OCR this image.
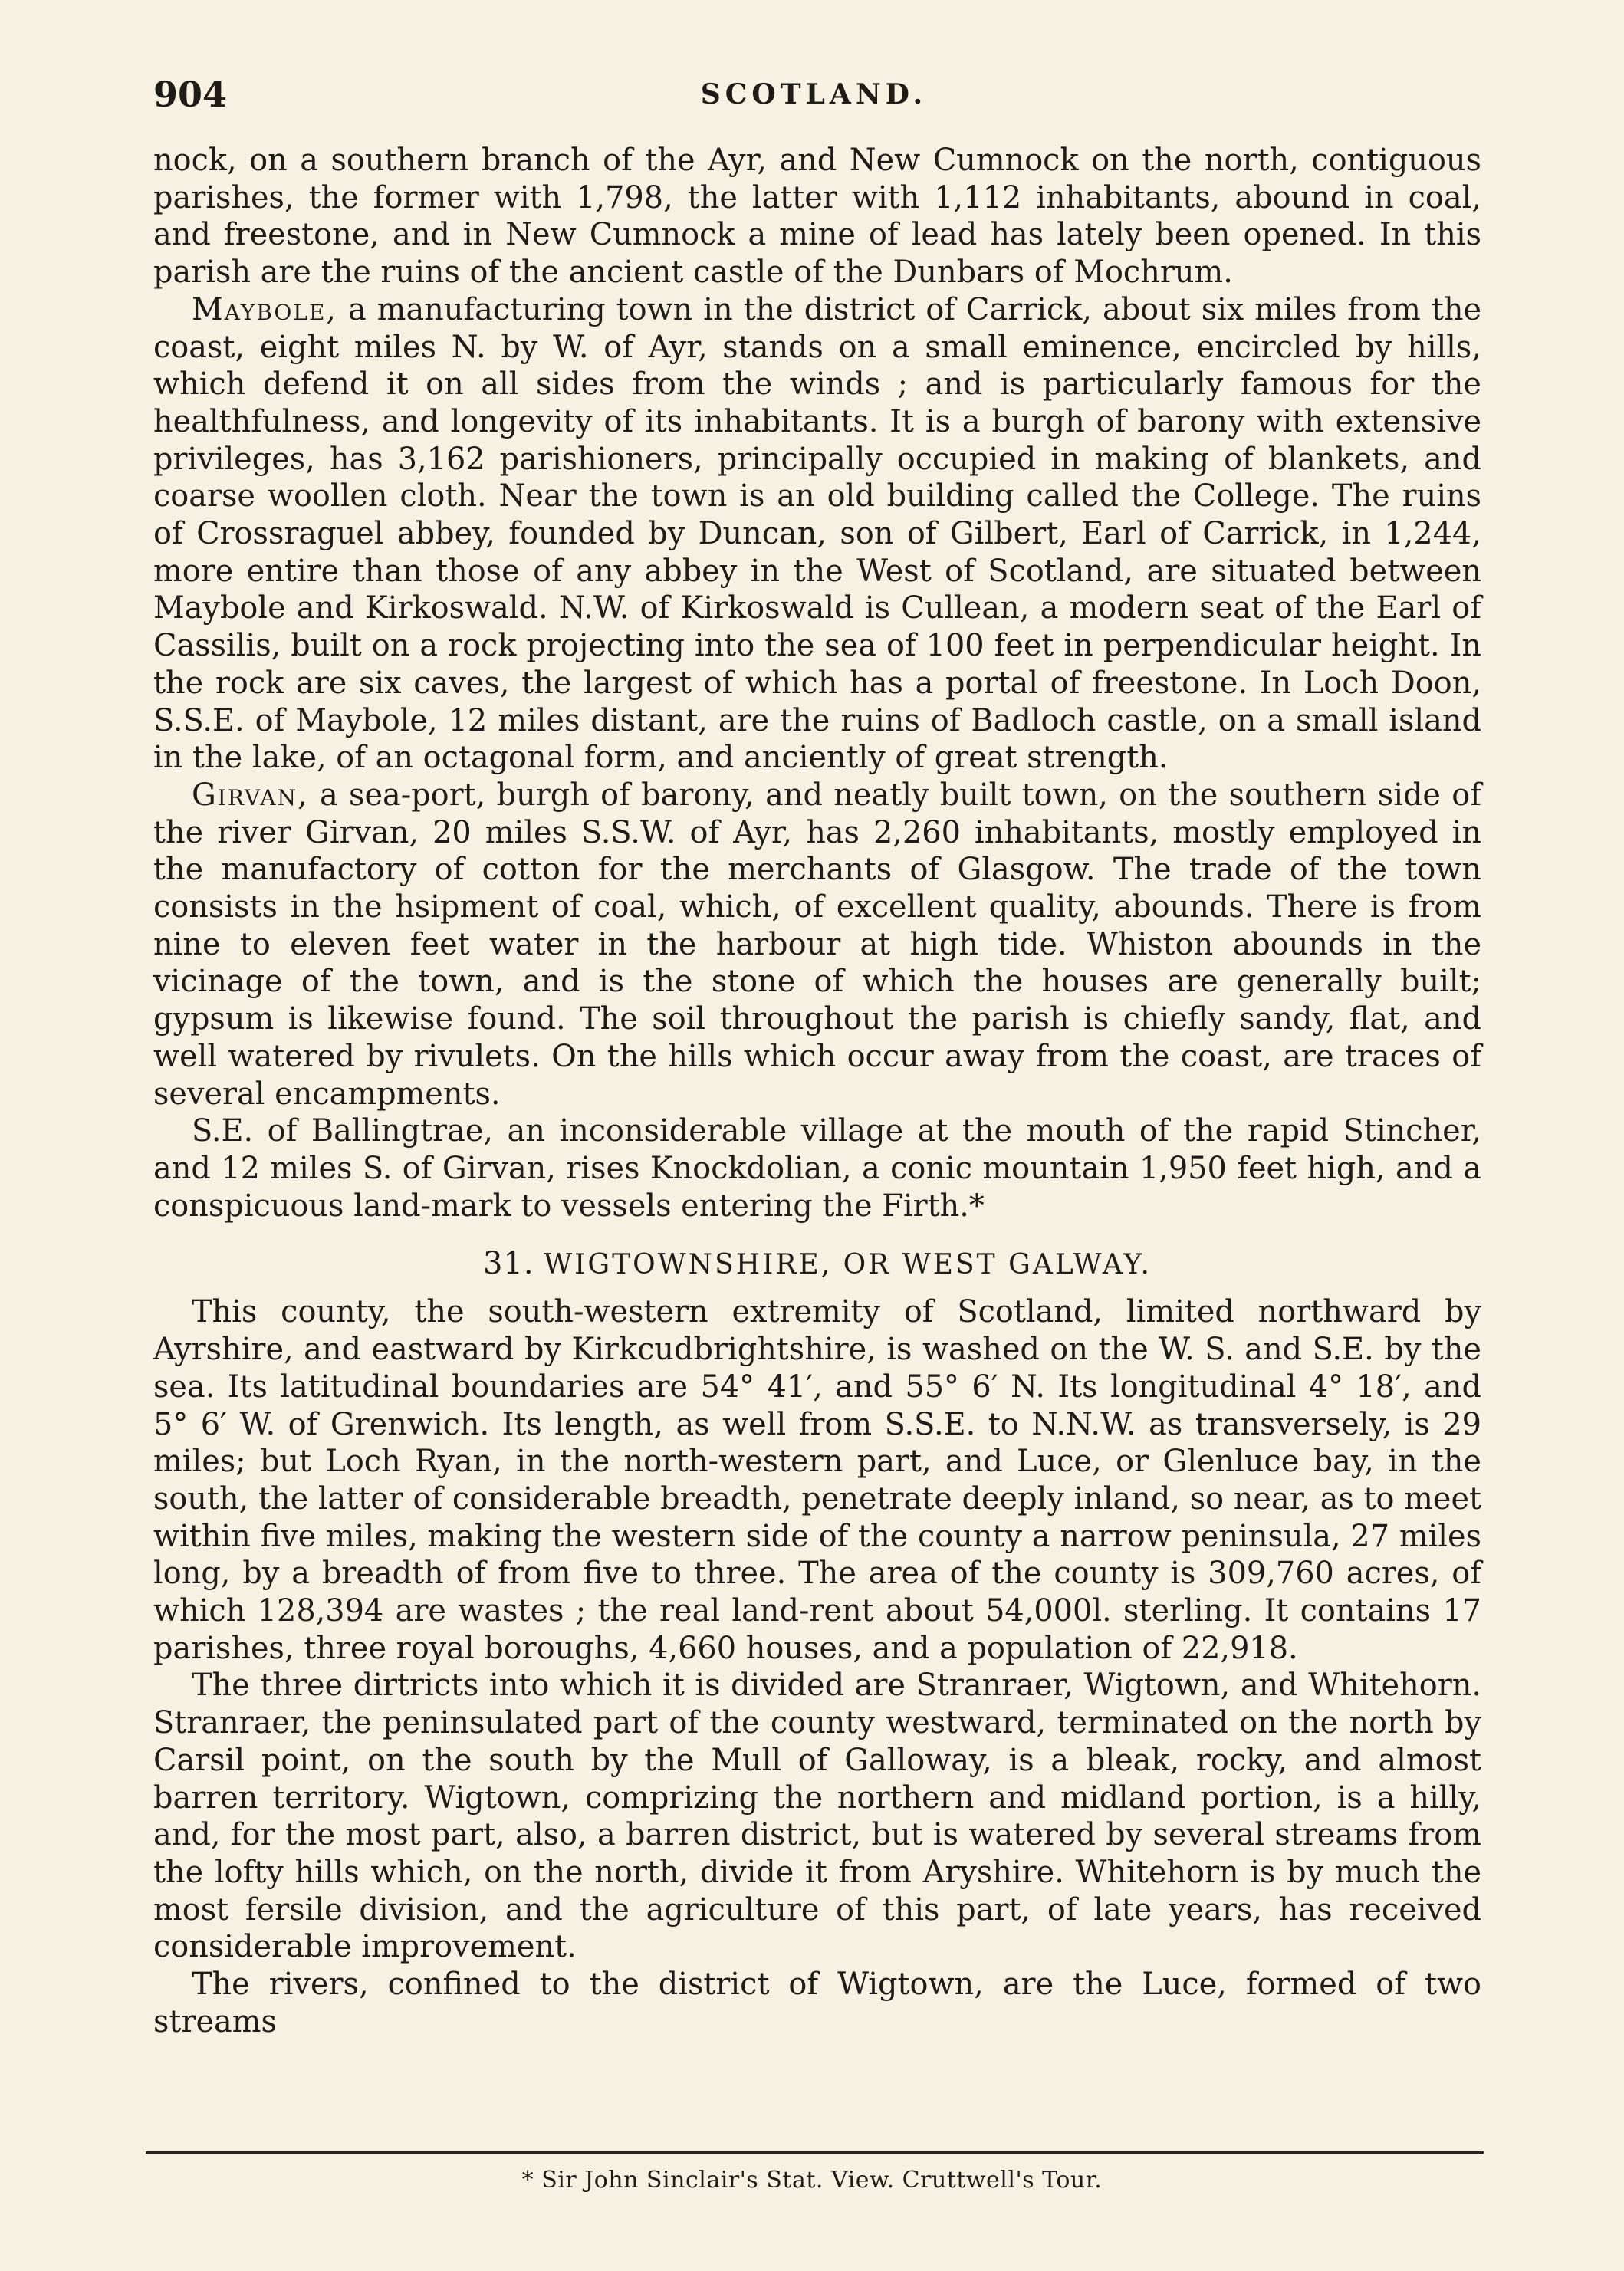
904	SCOTLAND.

nock, on a southern branch of the Ayr, and New Cumnock on the north, contiguous parishes, the former with 1,798, the latter with 1,112 inhabitants, abound in coal, and freestone, and in New Cumnock a mine of lead has lately been opened. In this parish are the ruins of the ancient castle of the Dunbars of Mochrum.

Maybole, a manufacturing town in the district of Carrick, about six miles from the coast, eight miles N. by W. of Ayr, stands on a small eminence, encircled by hills, which defend it on all sides from the winds ; and is particularly famous for the healthfulness, and longevity of its inhabitants. It is a burgh of barony with extensive privileges, has 3,162 parishioners, principally occupied in making of blankets, and coarse woollen cloth. Near the town is an old building called the College. The ruins of Crossraguel abbey, founded by Duncan, son of Gilbert, Earl of Carrick, in 1,244, more entire than those of any abbey in the West of Scotland, are situated between Maybole and Kirkoswald. N.W. of Kirkoswald is Cullean, a modern seat of the Earl of Cassilis, built on a rock projecting into the sea of 100 feet in perpendicular height. In the rock are six caves, the largest of which has a portal of freestone. In Loch Doon, S.S.E. of Maybole, 12 miles distant, are the ruins of Badloch castle, on a small island in the lake, of an octagonal form, and anciently of great strength.

Girvan, a sea-port, burgh of barony, and neatly built town, on the southern side of the river Girvan, 20 miles S.S.W. of Ayr, has 2,260 inhabitants, mostly employed in the manufactory of cotton for the merchants of Glasgow. The trade of the town consists in the hsipment of coal, which, of excellent quality, abounds. There is from nine to eleven feet water in the harbour at high tide. Whiston abounds in the vicinage of the town, and is the stone of which the houses are generally built; gypsum is likewise found. The soil throughout the parish is chiefly sandy, flat, and well watered by rivulets. On the hills which occur away from the coast, are traces of several encampments.

S.E. of Ballingtrae, an inconsiderable village at the mouth of the rapid Stincher, and 12 miles S. of Girvan, rises Knockdolian, a conic mountain 1,950 feet high, and a conspicuous land-mark to vessels entering the Firth.*

31. WIGTOWNSHIRE, OR WEST GALWAY.

This county, the south-western extremity of Scotland, limited northward by Ayrshire, and eastward by Kirkcudbrightshire, is washed on the W. S. and S.E. by the sea. Its latitudinal boundaries are 54° 41′, and 55° 6′ N. Its longitudinal 4° 18′, and 5° 6′ W. of Grenwich. Its length, as well from S.S.E. to N.N.W. as transversely, is 29 miles; but Loch Ryan, in the north-western part, and Luce, or Glenluce bay, in the south, the latter of considerable breadth, penetrate deeply inland, so near, as to meet within five miles, making the western side of the county a narrow peninsula, 27 miles long, by a breadth of from five to three. The area of the county is 309,760 acres, of which 128,394 are wastes ; the real land-rent about 54,000l. sterling. It contains 17 parishes, three royal boroughs, 4,660 houses, and a population of 22,918.

The three dirtricts into which it is divided are Stranraer, Wigtown, and Whitehorn. Stranraer, the peninsulated part of the county westward, terminated on the north by Carsil point, on the south by the Mull of Galloway, is a bleak, rocky, and almost barren territory. Wigtown, comprizing the northern and midland portion, is a hilly, and, for the most part, also, a barren district, but is watered by several streams from the lofty hills which, on the north, divide it from Aryshire. Whitehorn is by much the most fersile division, and the agriculture of this part, of late years, has received considerable improvement.

The rivers, confined to the district of Wigtown, are the Luce, formed of two streams

* Sir John Sinclair's Stat. View. Cruttwell's Tour.
